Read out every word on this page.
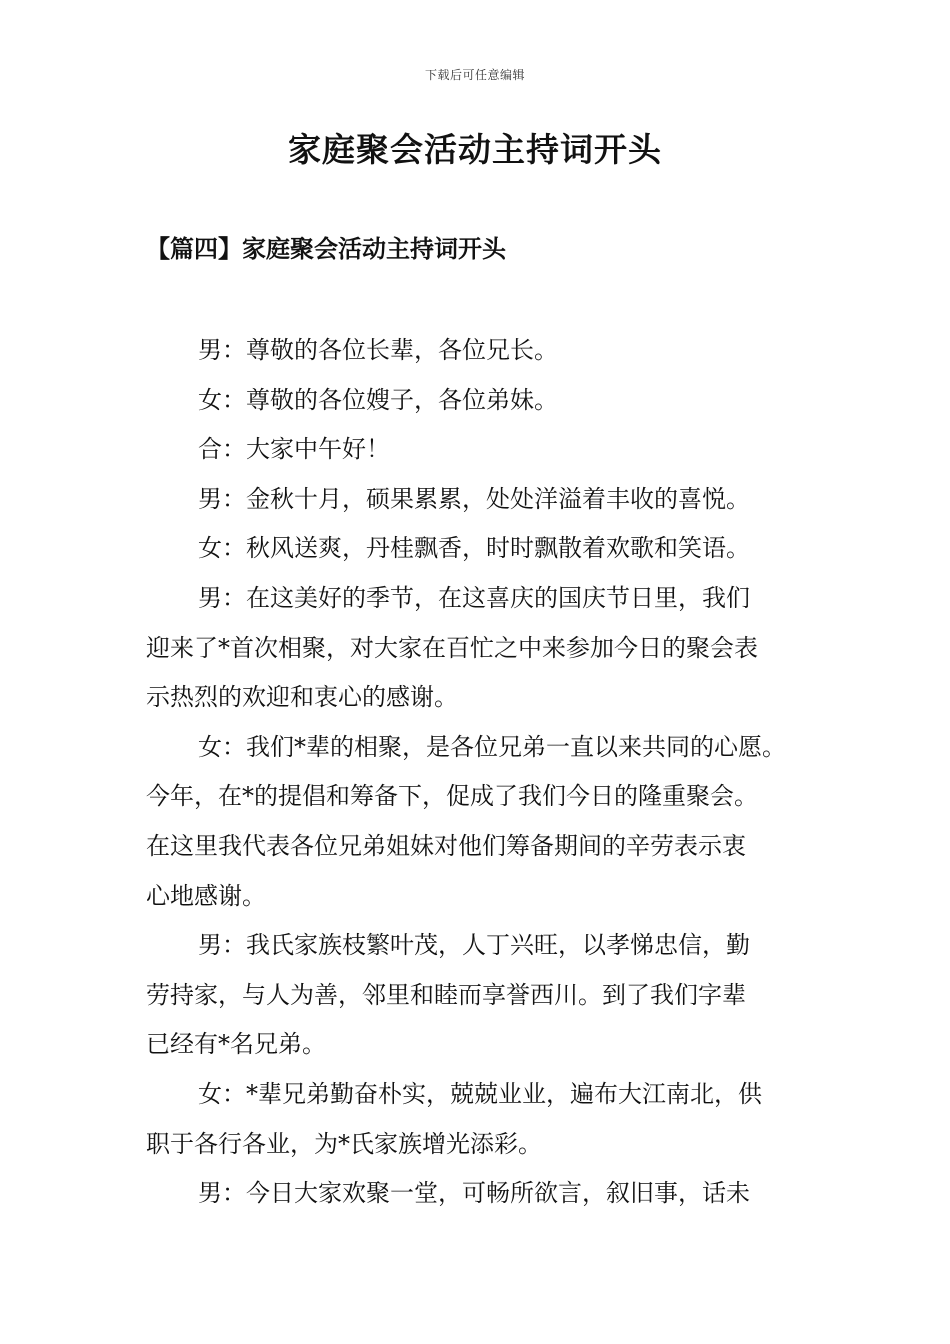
下载后可任意编辑
家庭聚会活动主持词开头
【篇四】家庭聚会活动主持词开头

男：尊敬的各位长辈，各位兄长。

女：尊敬的各位嫂子，各位弟妹。

合：大家中午好！

男：金秋十月，硕果累累，处处洋溢着丰收的喜悦。

女：秋风送爽，丹桂飘香，时时飘散着欢歌和笑语。

男：在这美好的季节，在这喜庆的国庆节日里，我们
迎来了*首次相聚，对大家在百忙之中来参加今日的聚会表
示热烈的欢迎和衷心的感谢。

女：我们*辈的相聚，是各位兄弟一直以来共同的心愿。
今年，在*的提倡和筹备下，促成了我们今日的隆重聚会。
在这里我代表各位兄弟姐妹对他们筹备期间的辛劳表示衷
心地感谢。

男：我氏家族枝繁叶茂，人丁兴旺，以孝悌忠信，勤
劳持家，与人为善，邻里和睦而享誉西川。到了我们字辈
已经有*名兄弟。

女：*辈兄弟勤奋朴实，兢兢业业，遍布大江南北，供
职于各行各业，为*氏家族增光添彩。

男：今日大家欢聚一堂，可畅所欲言，叙旧事，话未
